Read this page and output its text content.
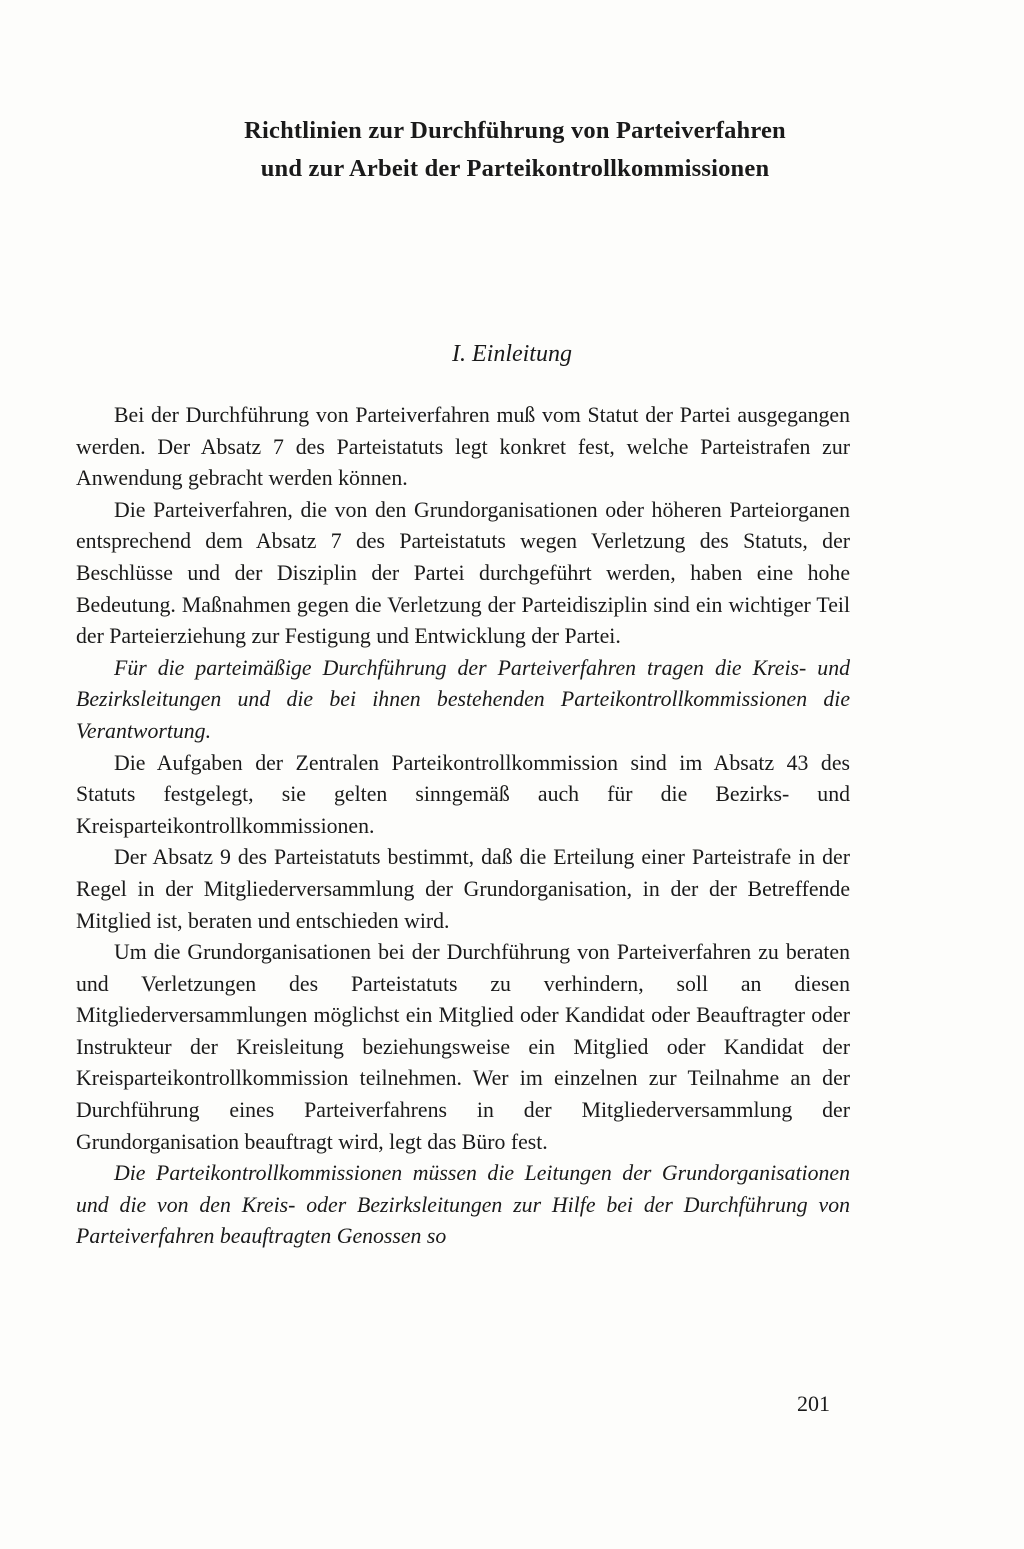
Richtlinien zur Durchführung von Parteiverfahren
und zur Arbeit der Parteikontrollkommissionen
I. Einleitung

Bei der Durchführung von Parteiverfahren muß vom Statut der Partei ausgegangen werden. Der Absatz 7 des Parteistatuts legt konkret fest, welche Parteistrafen zur Anwendung gebracht werden können.

Die Parteiverfahren, die von den Grundorganisationen oder höheren Parteiorganen entsprechend dem Absatz 7 des Parteistatuts wegen Verletzung des Statuts, der Beschlüsse und der Disziplin der Partei durchgeführt werden, haben eine hohe Bedeutung. Maßnahmen gegen die Verletzung der Parteidisziplin sind ein wichtiger Teil der Parteierziehung zur Festigung und Entwicklung der Partei.

Für die parteimäßige Durchführung der Parteiverfahren tragen die Kreis- und Bezirksleitungen und die bei ihnen bestehenden Parteikontrollkommissionen die Verantwortung.

Die Aufgaben der Zentralen Parteikontrollkommission sind im Absatz 43 des Statuts festgelegt, sie gelten sinngemäß auch für die Bezirks- und Kreisparteikontrollkommissionen.

Der Absatz 9 des Parteistatuts bestimmt, daß die Erteilung einer Parteistrafe in der Regel in der Mitgliederversammlung der Grundorganisation, in der der Betreffende Mitglied ist, beraten und entschieden wird.

Um die Grundorganisationen bei der Durchführung von Parteiverfahren zu beraten und Verletzungen des Parteistatuts zu verhindern, soll an diesen Mitgliederversammlungen möglichst ein Mitglied oder Kandidat oder Beauftragter oder Instrukteur der Kreisleitung beziehungsweise ein Mitglied oder Kandidat der Kreisparteikontrollkommission teilnehmen. Wer im einzelnen zur Teilnahme an der Durchführung eines Parteiverfahrens in der Mitgliederversammlung der Grundorganisation beauftragt wird, legt das Büro fest.

Die Parteikontrollkommissionen müssen die Leitungen der Grundorganisationen und die von den Kreis- oder Bezirksleitungen zur Hilfe bei der Durchführung von Parteiverfahren beauftragten Genossen so

201
